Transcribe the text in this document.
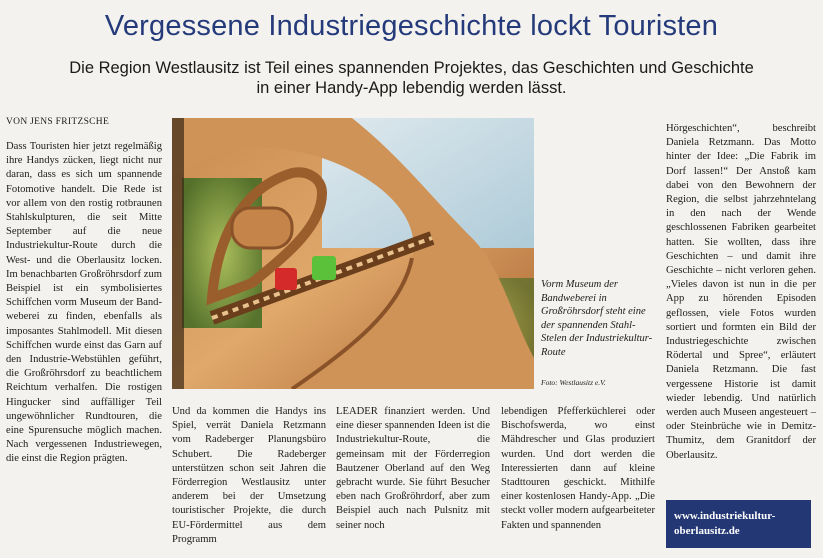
Vergessene Industriegeschichte lockt Touristen
Die Region Westlausitz ist Teil eines spannenden Projektes, das Geschichten und Geschichte
in einer Handy-App lebendig werden lässt.
VON JENS FRITZSCHE

Dass Touristen hier jetzt regelmäßig ihre Handys zücken, liegt nicht nur daran, dass es sich um spannende Fotomotive handelt. Die Rede ist vor allem von den rostig rotbraunen Stahlskulpturen, die seit Mitte September auf die neue Industriekultur-Route durch die West- und die Oberlausitz locken. Im benachbarten Großröhrsdorf zum Beispiel ist ein symbolisiertes Schiffchen vorm Museum der Bandweberei zu finden, ebenfalls als imposantes Stahlmodell. Mit diesen Schiffchen wurde einst das Garn auf den Industrie-Webstühlen geführt, die Großröhrsdorf zu beachtlichem Reichtum verhalfen. Die rostigen Hingucker sind auffälliger Teil ungewöhnlicher Rundtouren, die eine Spurensuche möglich machen. Nach vergessenen Industriewegen, die einst die Region prägten.

Vorm Museum der Bandweberei in Großröhrsdorf steht eine der spannenden Stahl-Stelen der Industriekultur-Route
Foto: Westlausitz e.V.

Und da kommen die Handys ins Spiel, verrät Daniela Retzmann vom Radeberger Planungsbüro Schubert. Die Radeberger unterstützen schon seit Jahren die Förderregion Westlausitz unter anderem bei der Umsetzung touristischer Projekte, die durch EU-Fördermittel aus dem Programm

LEADER finanziert werden. Und eine dieser spannenden Ideen ist die Industriekultur-Route, die gemeinsam mit der Förderregion Bautzener Oberland auf den Weg gebracht wurde. Sie führt Besucher eben nach Großröhrdorf, aber zum Beispiel auch nach Pulsnitz mit seiner noch

lebendigen Pfefferküchlerei oder Bischofswerda, wo einst Mähdrescher und Glas produziert wurden. Und dort werden die Interessierten dann auf kleine Stadttouren geschickt. Mithilfe einer kostenlosen Handy-App. „Die steckt voller modern aufgearbeiteter Fakten und spannenden

Hörgeschichten“, beschreibt Daniela Retzmann. Das Motto hinter der Idee: „Die Fabrik im Dorf lassen!“ Der Anstoß kam dabei von den Bewohnern der Region, die selbst jahrzehntelang in den nach der Wende geschlossenen Fabriken gearbeitet hatten. Sie wollten, dass ihre Geschichten – und damit ihre Geschichte – nicht verloren gehen. „Vieles davon ist nun in die per App zu hörenden Episoden geflossen, viele Fotos wurden sortiert und formten ein Bild der Industriegeschichte zwischen Rödertal und Spree“, erläutert Daniela Retzmann. Die fast vergessene Historie ist damit wieder lebendig. Und natürlich werden auch Museen angesteuert – oder Steinbrüche wie in Demitz-Thumitz, dem Granitdorf der Oberlausitz.

www.industriekultur-
oberlausitz.de
